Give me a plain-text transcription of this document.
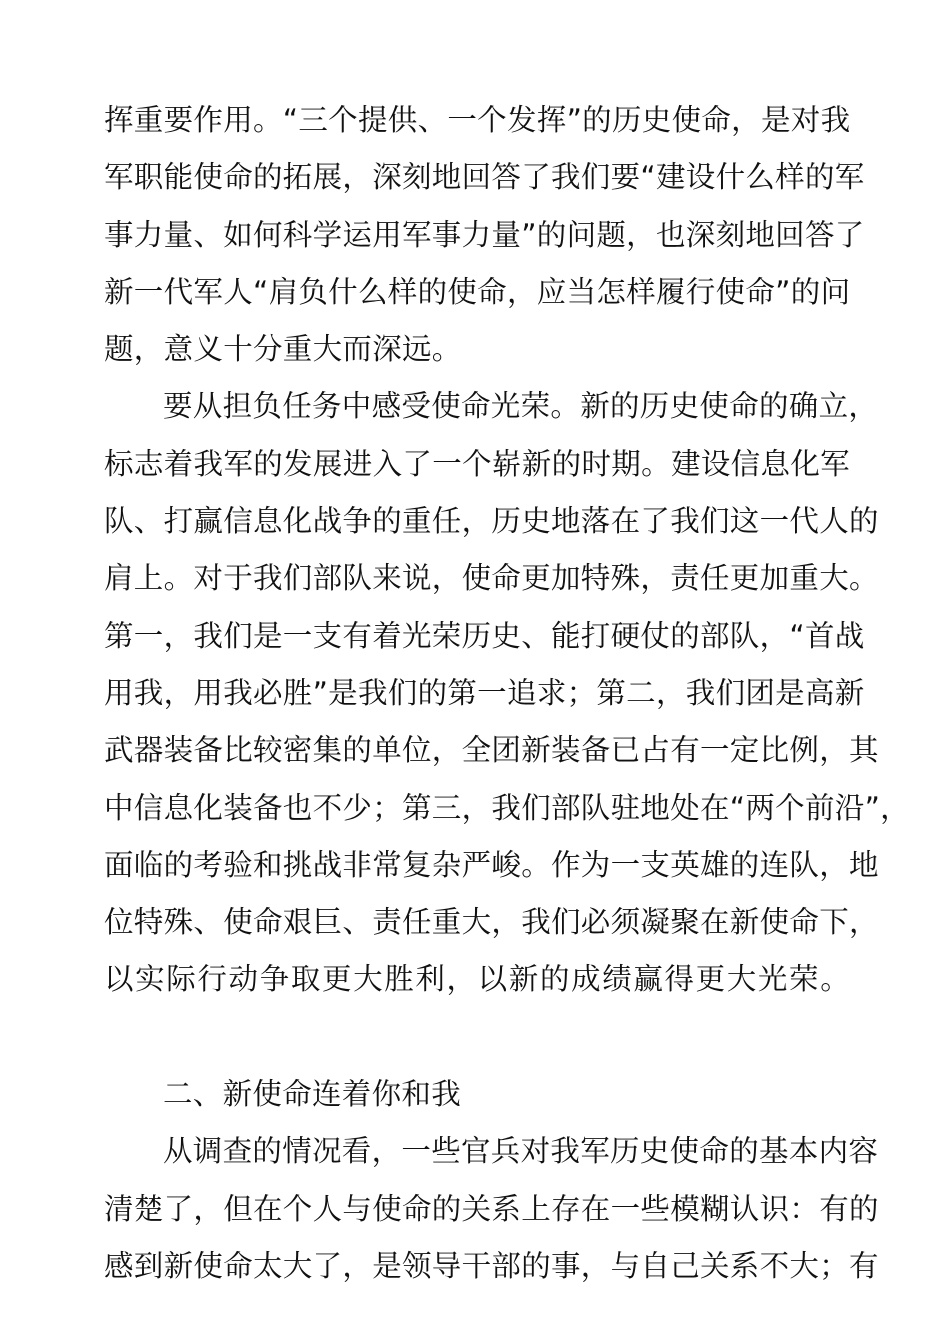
挥重要作用。“三个提供、一个发挥”的历史使命，是对我
军职能使命的拓展，深刻地回答了我们要“建设什么样的军
事力量、如何科学运用军事力量”的问题，也深刻地回答了
新一代军人“肩负什么样的使命，应当怎样履行使命”的问
题，意义十分重大而深远。
要从担负任务中感受使命光荣。新的历史使命的确立，
标志着我军的发展进入了一个崭新的时期。建设信息化军
队、打赢信息化战争的重任，历史地落在了我们这一代人的
肩上。对于我们部队来说，使命更加特殊，责任更加重大。
第一，我们是一支有着光荣历史、能打硬仗的部队，“首战
用我，用我必胜”是我们的第一追求；第二，我们团是高新
武器装备比较密集的单位，全团新装备已占有一定比例，其
中信息化装备也不少；第三，我们部队驻地处在“两个前沿”，
面临的考验和挑战非常复杂严峻。作为一支英雄的连队，地
位特殊、使命艰巨、责任重大，我们必须凝聚在新使命下，
以实际行动争取更大胜利，以新的成绩赢得更大光荣。
二、新使命连着你和我
从调查的情况看，一些官兵对我军历史使命的基本内容
清楚了，但在个人与使命的关系上存在一些模糊认识：有的
感到新使命太大了，是领导干部的事，与自己关系不大；有
